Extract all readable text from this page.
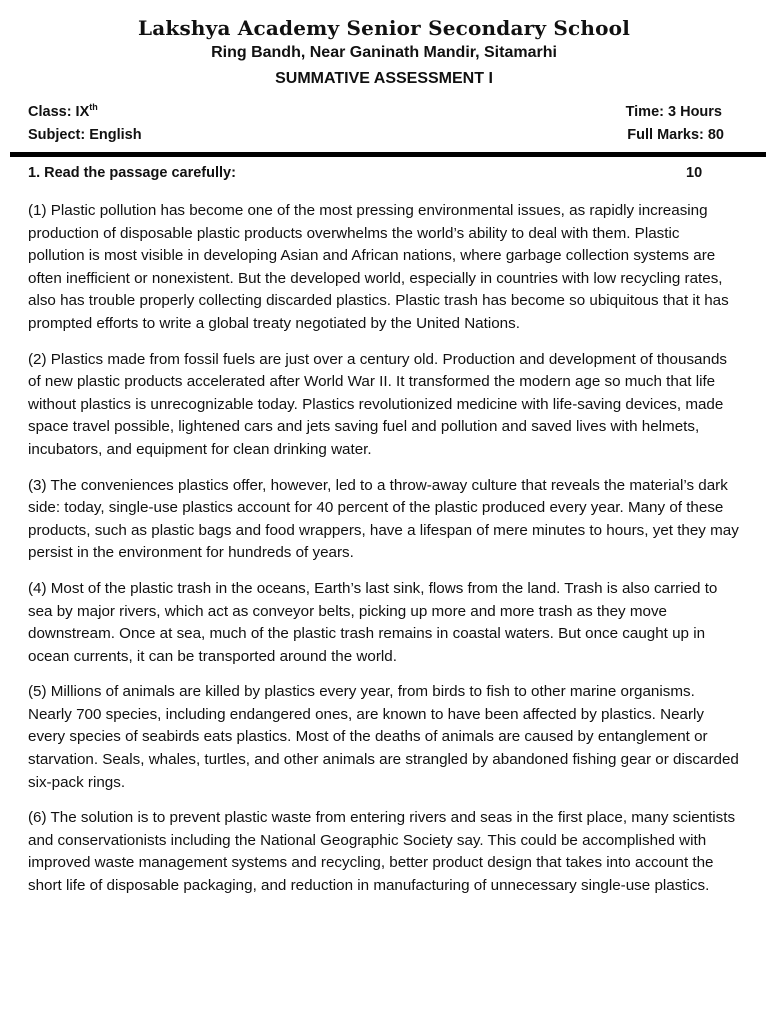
Lakshya Academy Senior Secondary School
Ring Bandh, Near Ganinath Mandir, Sitamarhi
SUMMATIVE ASSESSMENT I
Class: IXth
Subject: English
Time: 3 Hours
Full Marks: 80
1. Read the passage carefully:	10

(1) Plastic pollution has become one of the most pressing environmental issues, as rapidly increasing production of disposable plastic products overwhelms the world’s ability to deal with them. Plastic pollution is most visible in developing Asian and African nations, where garbage collection systems are often inefficient or nonexistent. But the developed world, especially in countries with low recycling rates, also has trouble properly collecting discarded plastics. Plastic trash has become so ubiquitous that it has prompted efforts to write a global treaty negotiated by the United Nations.

(2) Plastics made from fossil fuels are just over a century old. Production and development of thousands of new plastic products accelerated after World War II. It transformed the modern age so much that life without plastics is unrecognizable today. Plastics revolutionized medicine with life-saving devices, made space travel possible, lightened cars and jets saving fuel and pollution and saved lives with helmets, incubators, and equipment for clean drinking water.

(3) The conveniences plastics offer, however, led to a throw-away culture that reveals the material’s dark side: today, single-use plastics account for 40 percent of the plastic produced every year. Many of these products, such as plastic bags and food wrappers, have a lifespan of mere minutes to hours, yet they may persist in the environment for hundreds of years.

(4) Most of the plastic trash in the oceans, Earth’s last sink, flows from the land. Trash is also carried to sea by major rivers, which act as conveyor belts, picking up more and more trash as they move downstream. Once at sea, much of the plastic trash remains in coastal waters. But once caught up in ocean currents, it can be transported around the world.

(5) Millions of animals are killed by plastics every year, from birds to fish to other marine organisms. Nearly 700 species, including endangered ones, are known to have been affected by plastics. Nearly every species of seabirds eats plastics. Most of the deaths of animals are caused by entanglement or starvation. Seals, whales, turtles, and other animals are strangled by abandoned fishing gear or discarded six-pack rings.

(6) The solution is to prevent plastic waste from entering rivers and seas in the first place, many scientists and conservationists including the National Geographic Society say. This could be accomplished with improved waste management systems and recycling, better product design that takes into account the short life of disposable packaging, and reduction in manufacturing of unnecessary single-use plastics.
